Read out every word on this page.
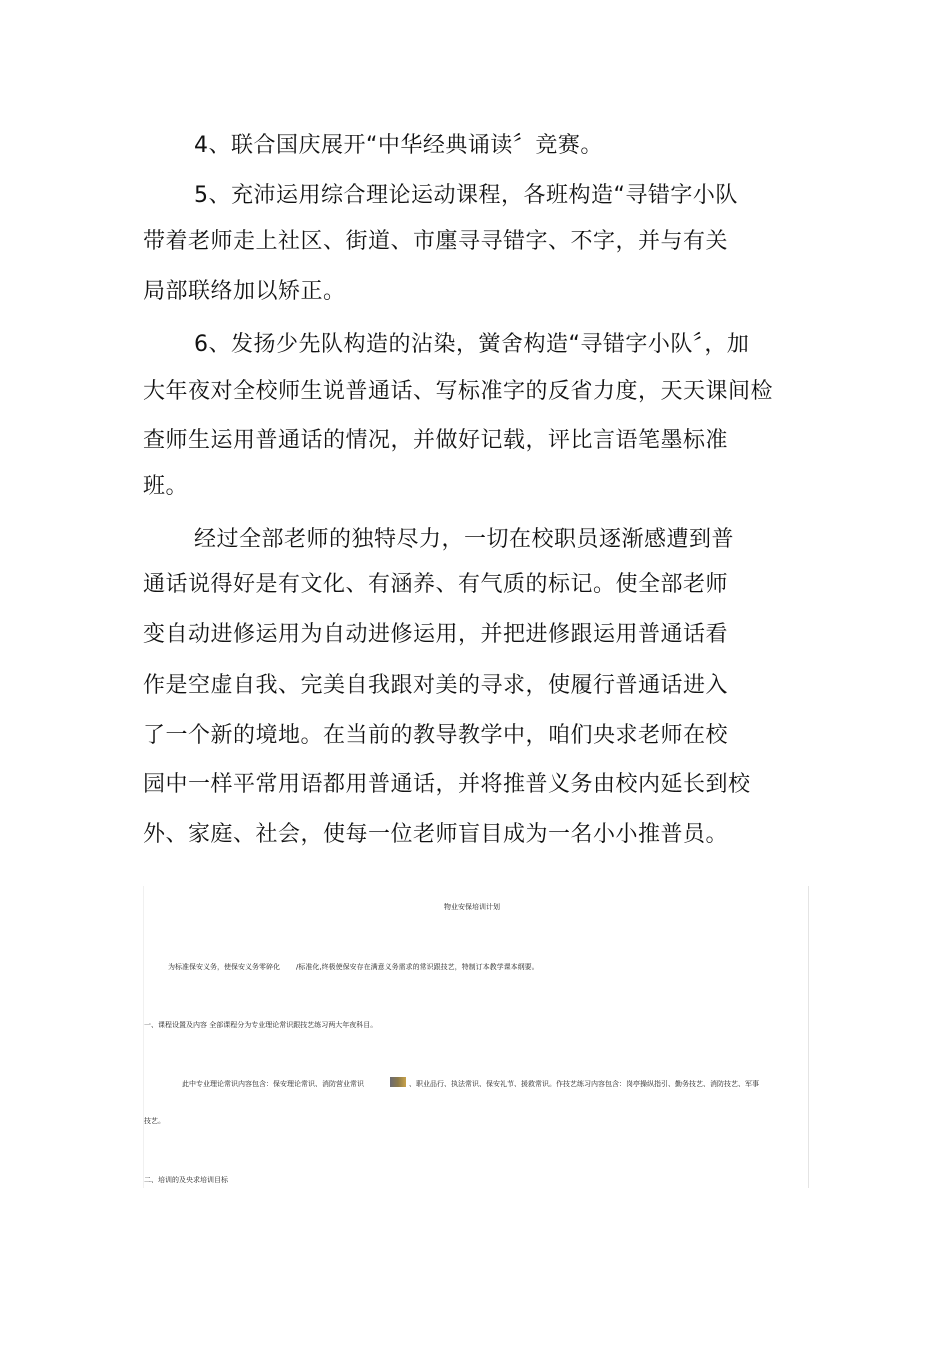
4、联合国庆展开“中华经典诵读〞竞赛。
5、充沛运用综合理论运动课程，各班构造“寻错字小队
带着老师走上社区、街道、市廛寻寻错字、不字，并与有关
局部联络加以矫正。
6、发扬少先队构造的沾染，黉舍构造“寻错字小队〞，加
大年夜对全校师生说普通话、写标准字的反省力度，天天课间检
查师生运用普通话的情况，并做好记载，评比言语笔墨标准
班。
经过全部老师的独特尽力，一切在校职员逐渐感遭到普
通话说得好是有文化、有涵养、有气质的标记。使全部老师
变自动进修运用为自动进修运用，并把进修跟运用普通话看
作是空虚自我、完美自我跟对美的寻求，使履行普通话进入
了一个新的境地。在当前的教导教学中，咱们央求老师在校
园中一样平常用语都用普通话，并将推普义务由校内延长到校
外、家庭、社会，使每一位老师盲目成为一名小小推普员。
物业安保培训计划
为标准保安义务，使保安义务零碎化 /标准化,终极使保安存在满意义务需求的常识跟技艺，特制订本教学课本纲要。
一、课程设置及内容 全部课程分为专业理论常识跟技艺练习两大年夜科目。
此中专业理论常识内容包含：保安理论常识、消防营业常识	、职业品行、执法常识、保安礼节、援救常识。作技艺练习内容包含：岗亭操纵指引、勤务技艺、消防技艺、军事
技艺。
二、培训的及央求培训目标
